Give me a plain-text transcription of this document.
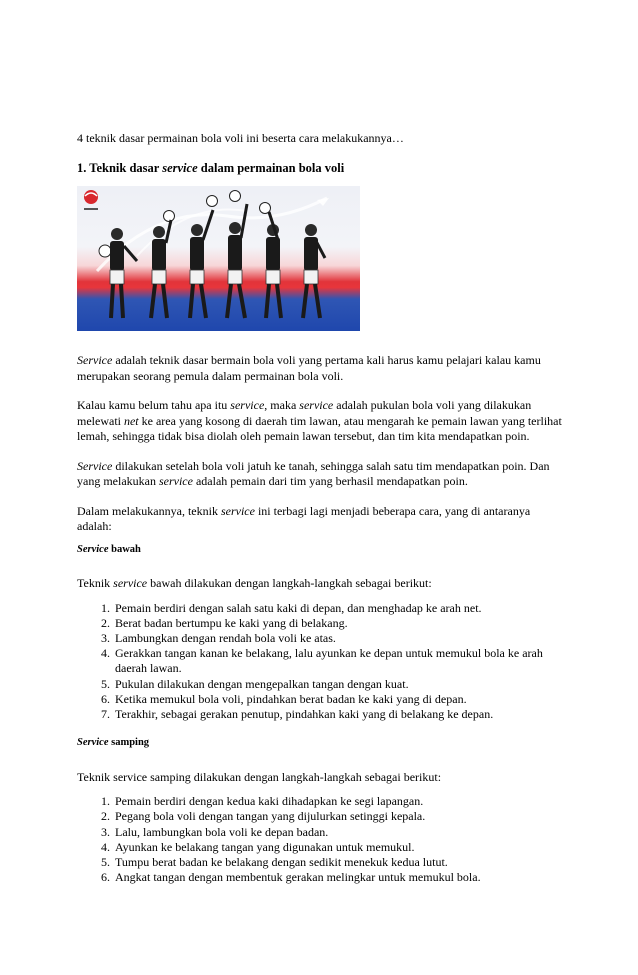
4 teknik dasar permainan bola voli ini beserta cara melakukannya…

1. Teknik dasar service dalam permainan bola voli

Service adalah teknik dasar bermain bola voli yang pertama kali harus kamu pelajari kalau kamu merupakan seorang pemula dalam permainan bola voli.

Kalau kamu belum tahu apa itu service, maka service adalah pukulan bola voli yang dilakukan melewati net ke area yang kosong di daerah tim lawan, atau mengarah ke pemain lawan yang terlihat lemah, sehingga tidak bisa diolah oleh pemain lawan tersebut, dan tim kita mendapatkan poin.

Service dilakukan setelah bola voli jatuh ke tanah, sehingga salah satu tim mendapatkan poin. Dan yang melakukan service adalah pemain dari tim yang berhasil mendapatkan poin.

Dalam melakukannya, teknik service ini terbagi lagi menjadi beberapa cara, yang di antaranya adalah:

Service bawah

Teknik service bawah dilakukan dengan langkah-langkah sebagai berikut:

1. Pemain berdiri dengan salah satu kaki di depan, dan menghadap ke arah net.
2. Berat badan bertumpu ke kaki yang di belakang.
3. Lambungkan dengan rendah bola voli ke atas.
4. Gerakkan tangan kanan ke belakang, lalu ayunkan ke depan untuk memukul bola ke arah daerah lawan.
5. Pukulan dilakukan dengan mengepalkan tangan dengan kuat.
6. Ketika memukul bola voli, pindahkan berat badan ke kaki yang di depan.
7. Terakhir, sebagai gerakan penutup, pindahkan kaki yang di belakang ke depan.

Service samping

Teknik service samping dilakukan dengan langkah-langkah sebagai berikut:

1. Pemain berdiri dengan kedua kaki dihadapkan ke segi lapangan.
2. Pegang bola voli dengan tangan yang dijulurkan setinggi kepala.
3. Lalu, lambungkan bola voli ke depan badan.
4. Ayunkan ke belakang tangan yang digunakan untuk memukul.
5. Tumpu berat badan ke belakang dengan sedikit menekuk kedua lutut.
6. Angkat tangan dengan membentuk gerakan melingkar untuk memukul bola.
